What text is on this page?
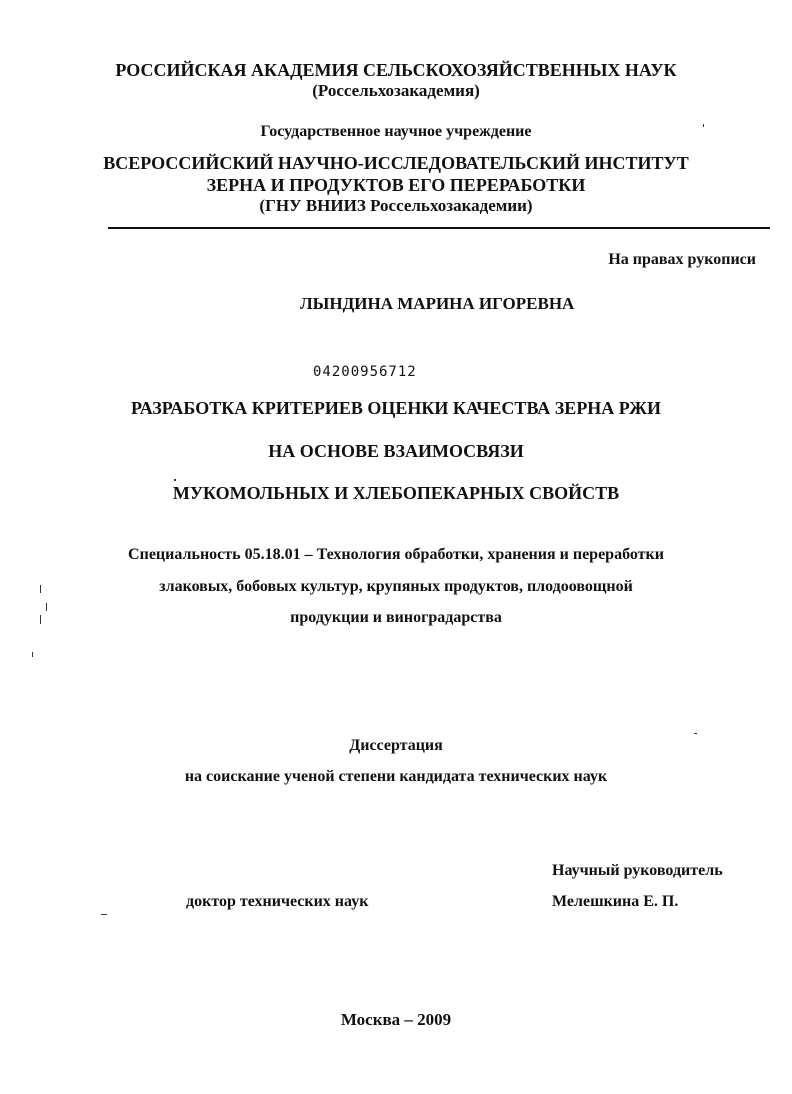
РОССИЙСКАЯ АКАДЕМИЯ СЕЛЬСКОХОЗЯЙСТВЕННЫХ НАУК
(Россельхозакадемия)
Государственное научное учреждение
ВСЕРОССИЙСКИЙ НАУЧНО-ИССЛЕДОВАТЕЛЬСКИЙ ИНСТИТУТ
ЗЕРНА И ПРОДУКТОВ ЕГО ПЕРЕРАБОТКИ
(ГНУ ВНИИЗ Россельхозакадемии)
На правах рукописи
ЛЫНДИНА МАРИНА ИГОРЕВНА
04200956712
РАЗРАБОТКА КРИТЕРИЕВ ОЦЕНКИ КАЧЕСТВА ЗЕРНА РЖИ
НА ОСНОВЕ ВЗАИМОСВЯЗИ
МУКОМОЛЬНЫХ И ХЛЕБОПЕКАРНЫХ СВОЙСТВ
Специальность 05.18.01 – Технология обработки, хранения и переработки
злаковых, бобовых культур, крупяных продуктов, плодоовощной
продукции и виноградарства
Диссертация
на соискание ученой степени кандидата технических наук
Научный руководитель
доктор технических наук	Мелешкина Е. П.
Москва – 2009
